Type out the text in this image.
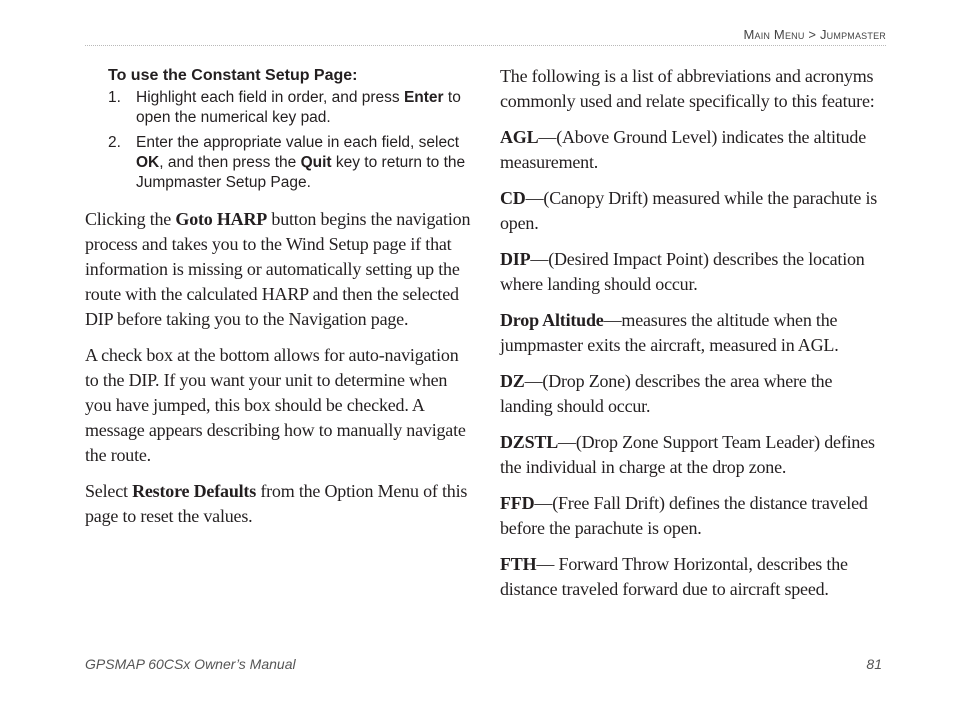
Main Menu > Jumpmaster
To use the Constant Setup Page:
1. Highlight each field in order, and press Enter to open the numerical key pad.
2. Enter the appropriate value in each field, select OK, and then press the Quit key to return to the Jumpmaster Setup Page.

Clicking the Goto HARP button begins the navigation process and takes you to the Wind Setup page if that information is missing or automatically setting up the route with the calculated HARP and then the selected DIP before taking you to the Navigation page.

A check box at the bottom allows for auto-navigation to the DIP. If you want your unit to determine when you have jumped, this box should be checked. A message appears describing how to manually navigate the route.

Select Restore Defaults from the Option Menu of this page to reset the values.

The following is a list of abbreviations and acronyms commonly used and relate specifically to this feature:

AGL—(Above Ground Level) indicates the altitude measurement.

CD—(Canopy Drift) measured while the parachute is open.

DIP—(Desired Impact Point) describes the location where landing should occur.

Drop Altitude—measures the altitude when the jumpmaster exits the aircraft, measured in AGL.

DZ—(Drop Zone) describes the area where the landing should occur.

DZSTL—(Drop Zone Support Team Leader) defines the individual in charge at the drop zone.

FFD—(Free Fall Drift) defines the distance traveled before the parachute is open.

FTH— Forward Throw Horizontal, describes the distance traveled forward due to aircraft speed.

GPSMAP 60CSx Owner’s Manual	81
